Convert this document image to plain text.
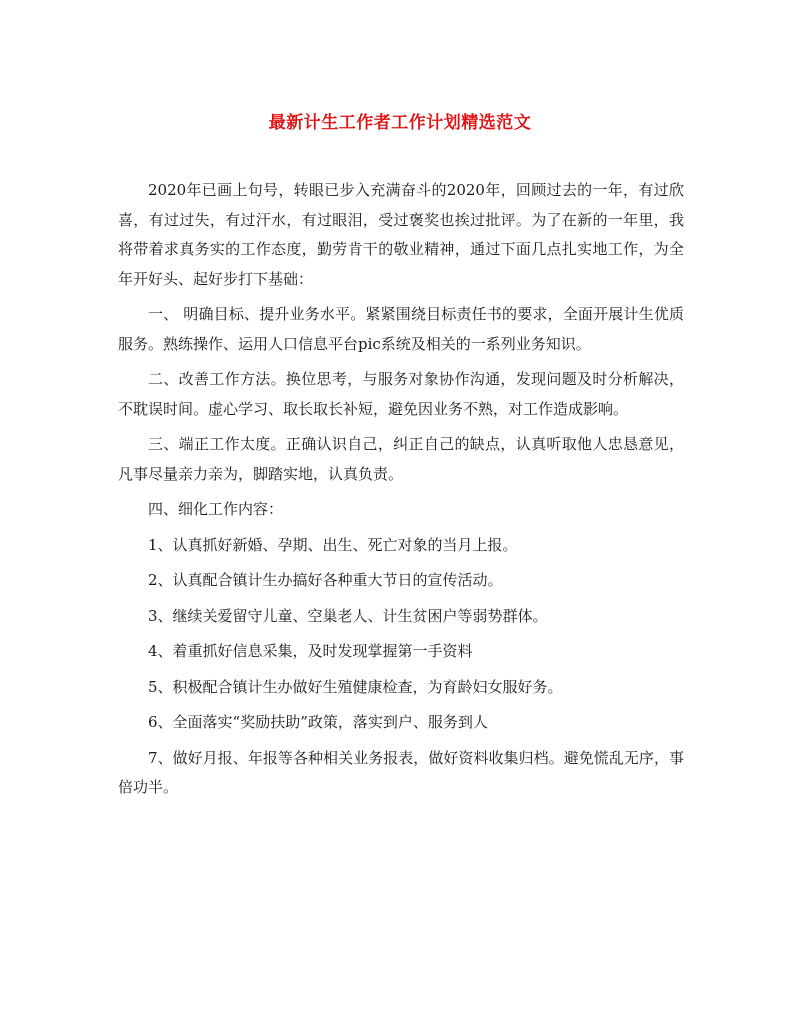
最新计生工作者工作计划精选范文

2020年已画上句号，转眼已步入充满奋斗的2020年，回顾过去的一年，有过欣喜，有过过失，有过汗水，有过眼泪，受过褒奖也挨过批评。为了在新的一年里，我将带着求真务实的工作态度，勤劳肯干的敬业精神，通过下面几点扎实地工作，为全年开好头、起好步打下基础：

一、 明确目标、提升业务水平。紧紧围绕目标责任书的要求，全面开展计生优质服务。熟练操作、运用人口信息平台pic系统及相关的一系列业务知识。

二、改善工作方法。换位思考，与服务对象协作沟通，发现问题及时分析解决，不耽误时间。虚心学习、取长取长补短，避免因业务不熟，对工作造成影响。

三、端正工作太度。正确认识自己，纠正自己的缺点，认真听取他人忠恳意见，凡事尽量亲力亲为，脚踏实地，认真负责。

四、细化工作内容：

1、认真抓好新婚、孕期、出生、死亡对象的当月上报。

2、认真配合镇计生办搞好各种重大节日的宣传活动。

3、继续关爱留守儿童、空巢老人、计生贫困户等弱势群体。

4、着重抓好信息采集，及时发现掌握第一手资料

5、积极配合镇计生办做好生殖健康检查，为育龄妇女服好务。

6、全面落实“奖励扶助”政策，落实到户、服务到人

7、做好月报、年报等各种相关业务报表，做好资料收集归档。避免慌乱无序，事倍功半。
